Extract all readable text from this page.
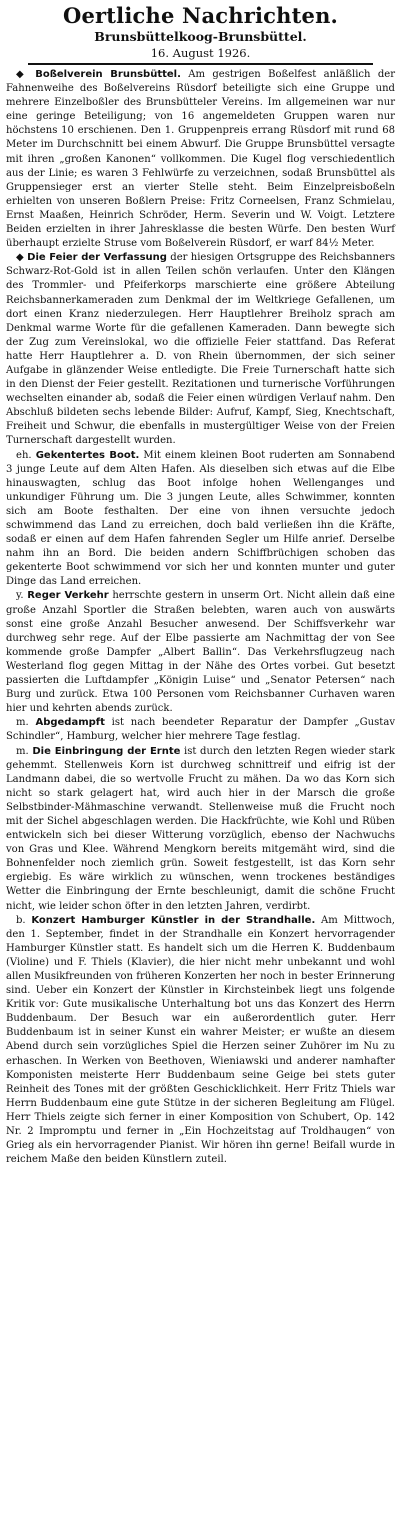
Oertliche Nachrichten.
Brunsbüttelkoog-Brunsbüttel.
16. August 1926.

◆ Boßelverein Brunsbüttel. Am gestrigen Boßelfest anläßlich der Fahnenweihe des Boßelvereins Rüsdorf beteiligte sich eine Gruppe und mehrere Einzelboßler des Brunsbütteler Vereins. Im allgemeinen war nur eine geringe Beteiligung; von 16 angemeldeten Gruppen waren nur höchstens 10 erschienen. Den 1. Gruppenpreis errang Rüsdorf mit rund 68 Meter im Durchschnitt bei einem Abwurf. Die Gruppe Brunsbüttel versagte mit ihren „großen Kanonen“ vollkommen. Die Kugel flog verschiedentlich aus der Linie; es waren 3 Fehlwürfe zu verzeichnen, sodaß Brunsbüttel als Gruppensieger erst an vierter Stelle steht. Beim Einzelpreisboßeln erhielten von unseren Boßlern Preise: Fritz Corneelsen, Franz Schmielau, Ernst Maaßen, Heinrich Schröder, Herm. Severin und W. Voigt. Letztere Beiden erzielten in ihrer Jahresklasse die besten Würfe. Den besten Wurf überhaupt erzielte Struse vom Boßelverein Rüsdorf, er warf 84½ Meter.

◆ Die Feier der Verfassung der hiesigen Ortsgruppe des Reichsbanners Schwarz-Rot-Gold ist in allen Teilen schön verlaufen. Unter den Klängen des Trommler- und Pfeiferkorps marschierte eine größere Abteilung Reichsbannerkameraden zum Denkmal der im Weltkriege Gefallenen, um dort einen Kranz niederzulegen. Herr Hauptlehrer Breiholz sprach am Denkmal warme Worte für die gefallenen Kameraden. Dann bewegte sich der Zug zum Vereinslokal, wo die offizielle Feier stattfand. Das Referat hatte Herr Hauptlehrer a. D. von Rhein übernommen, der sich seiner Aufgabe in glänzender Weise entledigte. Die Freie Turnerschaft hatte sich in den Dienst der Feier gestellt. Rezitationen und turnerische Vorführungen wechselten einander ab, sodaß die Feier einen würdigen Verlauf nahm. Den Abschluß bildeten sechs lebende Bilder: Aufruf, Kampf, Sieg, Knechtschaft, Freiheit und Schwur, die ebenfalls in mustergültiger Weise von der Freien Turnerschaft dargestellt wurden.

eh. Gekentertes Boot. Mit einem kleinen Boot ruderten am Sonnabend 3 junge Leute auf dem Alten Hafen. Als dieselben sich etwas auf die Elbe hinauswagten, schlug das Boot infolge hohen Wellenganges und unkundiger Führung um. Die 3 jungen Leute, alles Schwimmer, konnten sich am Boote festhalten. Der eine von ihnen versuchte jedoch schwimmend das Land zu erreichen, doch bald verließen ihn die Kräfte, sodaß er einen auf dem Hafen fahrenden Segler um Hilfe anrief. Derselbe nahm ihn an Bord. Die beiden andern Schiffbrüchigen schoben das gekenterte Boot schwimmend vor sich her und konnten munter und guter Dinge das Land erreichen.

y. Reger Verkehr herrschte gestern in unserm Ort. Nicht allein daß eine große Anzahl Sportler die Straßen belebten, waren auch von auswärts sonst eine große Anzahl Besucher anwesend. Der Schiffsverkehr war durchweg sehr rege. Auf der Elbe passierte am Nachmittag der von See kommende große Dampfer „Albert Ballin“. Das Verkehrsflugzeug nach Westerland flog gegen Mittag in der Nähe des Ortes vorbei. Gut besetzt passierten die Luftdampfer „Königin Luise“ und „Senator Petersen“ nach Burg und zurück. Etwa 100 Personen vom Reichsbanner Curhaven waren hier und kehrten abends zurück.

m. Abgedampft ist nach beendeter Reparatur der Dampfer „Gustav Schindler“, Hamburg, welcher hier mehrere Tage festlag.

m. Die Einbringung der Ernte ist durch den letzten Regen wieder stark gehemmt. Stellenweis Korn ist durchweg schnittreif und eifrig ist der Landmann dabei, die so wertvolle Frucht zu mähen. Da wo das Korn sich nicht so stark gelagert hat, wird auch hier in der Marsch die große Selbstbinder-Mähmaschine verwandt. Stellenweise muß die Frucht noch mit der Sichel abgeschlagen werden. Die Hackfrüchte, wie Kohl und Rüben entwickeln sich bei dieser Witterung vorzüglich, ebenso der Nachwuchs von Gras und Klee. Während Mengkorn bereits mitgemäht wird, sind die Bohnenfelder noch ziemlich grün. Soweit festgestellt, ist das Korn sehr ergiebig. Es wäre wirklich zu wünschen, wenn trockenes beständiges Wetter die Einbringung der Ernte beschleunigt, damit die schöne Frucht nicht, wie leider schon öfter in den letzten Jahren, verdirbt.

b. Konzert Hamburger Künstler in der Strandhalle. Am Mittwoch, den 1. September, findet in der Strandhalle ein Konzert hervorragender Hamburger Künstler statt. Es handelt sich um die Herren K. Buddenbaum (Violine) und F. Thiels (Klavier), die hier nicht mehr unbekannt und wohl allen Musikfreunden von früheren Konzerten her noch in bester Erinnerung sind. Ueber ein Konzert der Künstler in Kirchsteinbek liegt uns folgende Kritik vor: Gute musikalische Unterhaltung bot uns das Konzert des Herrn Buddenbaum. Der Besuch war ein außerordentlich guter. Herr Buddenbaum ist in seiner Kunst ein wahrer Meister; er wußte an diesem Abend durch sein vorzügliches Spiel die Herzen seiner Zuhörer im Nu zu erhaschen. In Werken von Beethoven, Wieniawski und anderer namhafter Komponisten meisterte Herr Buddenbaum seine Geige bei stets guter Reinheit des Tones mit der größten Geschicklichkeit. Herr Fritz Thiels war Herrn Buddenbaum eine gute Stütze in der sicheren Begleitung am Flügel. Herr Thiels zeigte sich ferner in einer Komposition von Schubert, Op. 142 Nr. 2 Impromptu und ferner in „Ein Hochzeitstag auf Troldhaugen“ von Grieg als ein hervorragender Pianist. Wir hören ihn gerne! Beifall wurde in reichem Maße den beiden Künstlern zuteil.
